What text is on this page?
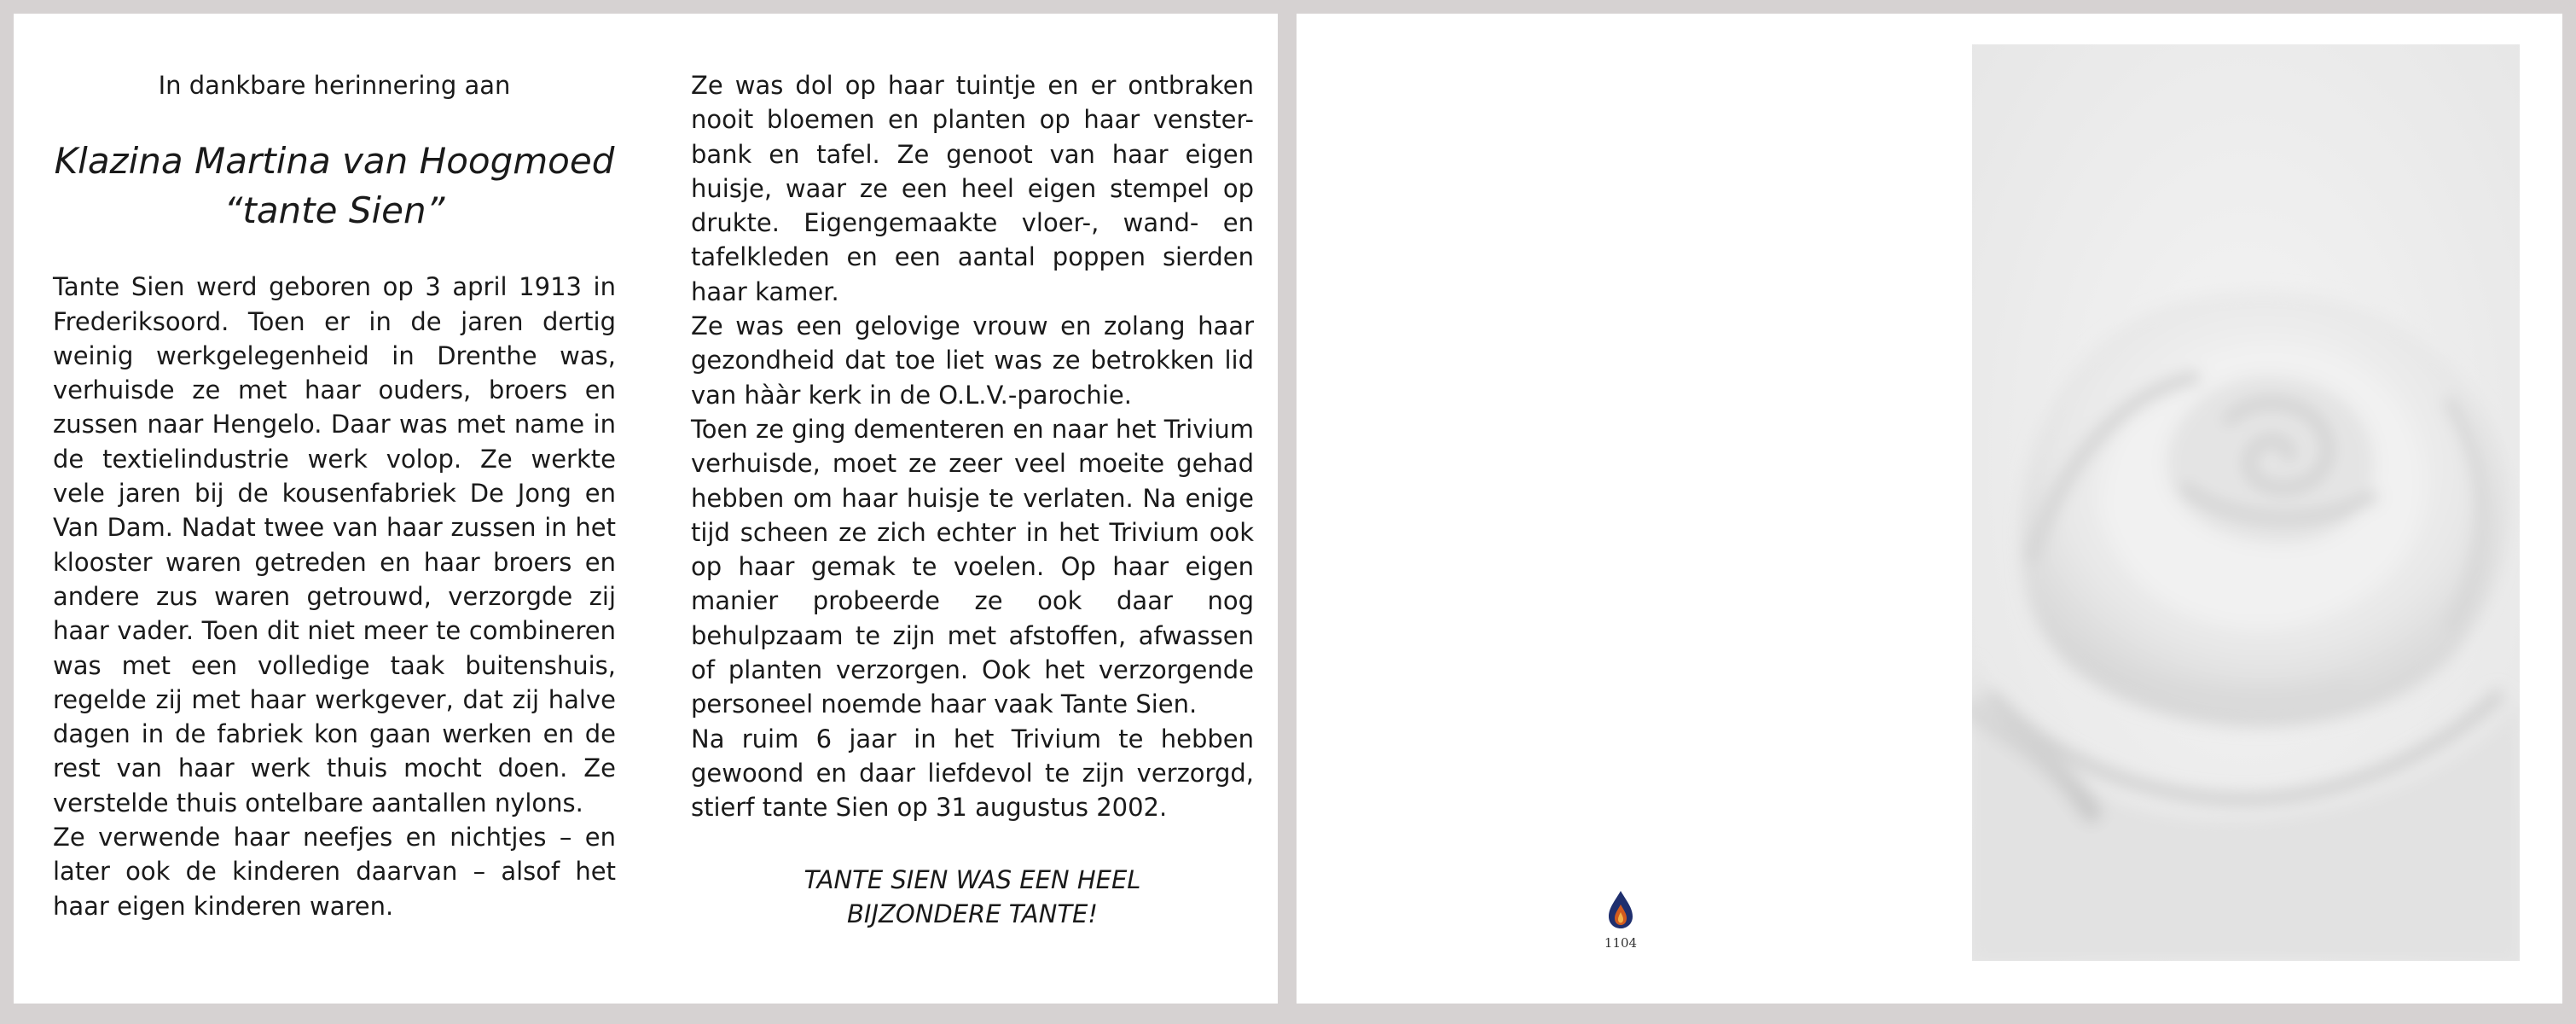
In dankbare herinnering aan

Klazina Martina van Hoogmoed
“tante Sien”

Tante Sien werd geboren op 3 april 1913 in Frederiksoord. Toen er in de jaren dertig weinig werkgelegenheid in Drenthe was, verhuisde ze met haar ouders, broers en zussen naar Hengelo. Daar was met name in de textielindustrie werk volop. Ze werkte vele jaren bij de kousenfabriek De Jong en Van Dam. Nadat twee van haar zussen in het klooster waren getreden en haar broers en andere zus waren getrouwd, verzorgde zij haar vader. Toen dit niet meer te combineren was met een volledige taak buitenshuis, regelde zij met haar werkgever, dat zij halve dagen in de fabriek kon gaan werken en de rest van haar werk thuis mocht doen. Ze verstelde thuis ontelbare aantallen nylons.

Ze verwende haar neefjes en nichtjes – en later ook de kinderen daarvan – alsof het haar eigen kinderen waren.

Ze was dol op haar tuintje en er ontbraken nooit bloemen en planten op haar venster-bank en tafel. Ze genoot van haar eigen huisje, waar ze een heel eigen stempel op drukte. Eigengemaakte vloer-, wand- en tafelkleden en een aantal poppen sierden haar kamer.

Ze was een gelovige vrouw en zolang haar gezondheid dat toe liet was ze betrokken lid van hààr kerk in de O.L.V.-parochie.

Toen ze ging dementeren en naar het Trivium verhuisde, moet ze zeer veel moeite gehad hebben om haar huisje te verlaten. Na enige tijd scheen ze zich echter in het Trivium ook op haar gemak te voelen. Op haar eigen manier probeerde ze ook daar nog behulpzaam te zijn met afstoffen, afwassen of planten verzorgen. Ook het verzorgende personeel noemde haar vaak Tante Sien.

Na ruim 6 jaar in het Trivium te hebben gewoond en daar liefdevol te zijn verzorgd, stierf tante Sien op 31 augustus 2002.

TANTE SIEN WAS EEN HEEL
BIJZONDERE TANTE!
1104
